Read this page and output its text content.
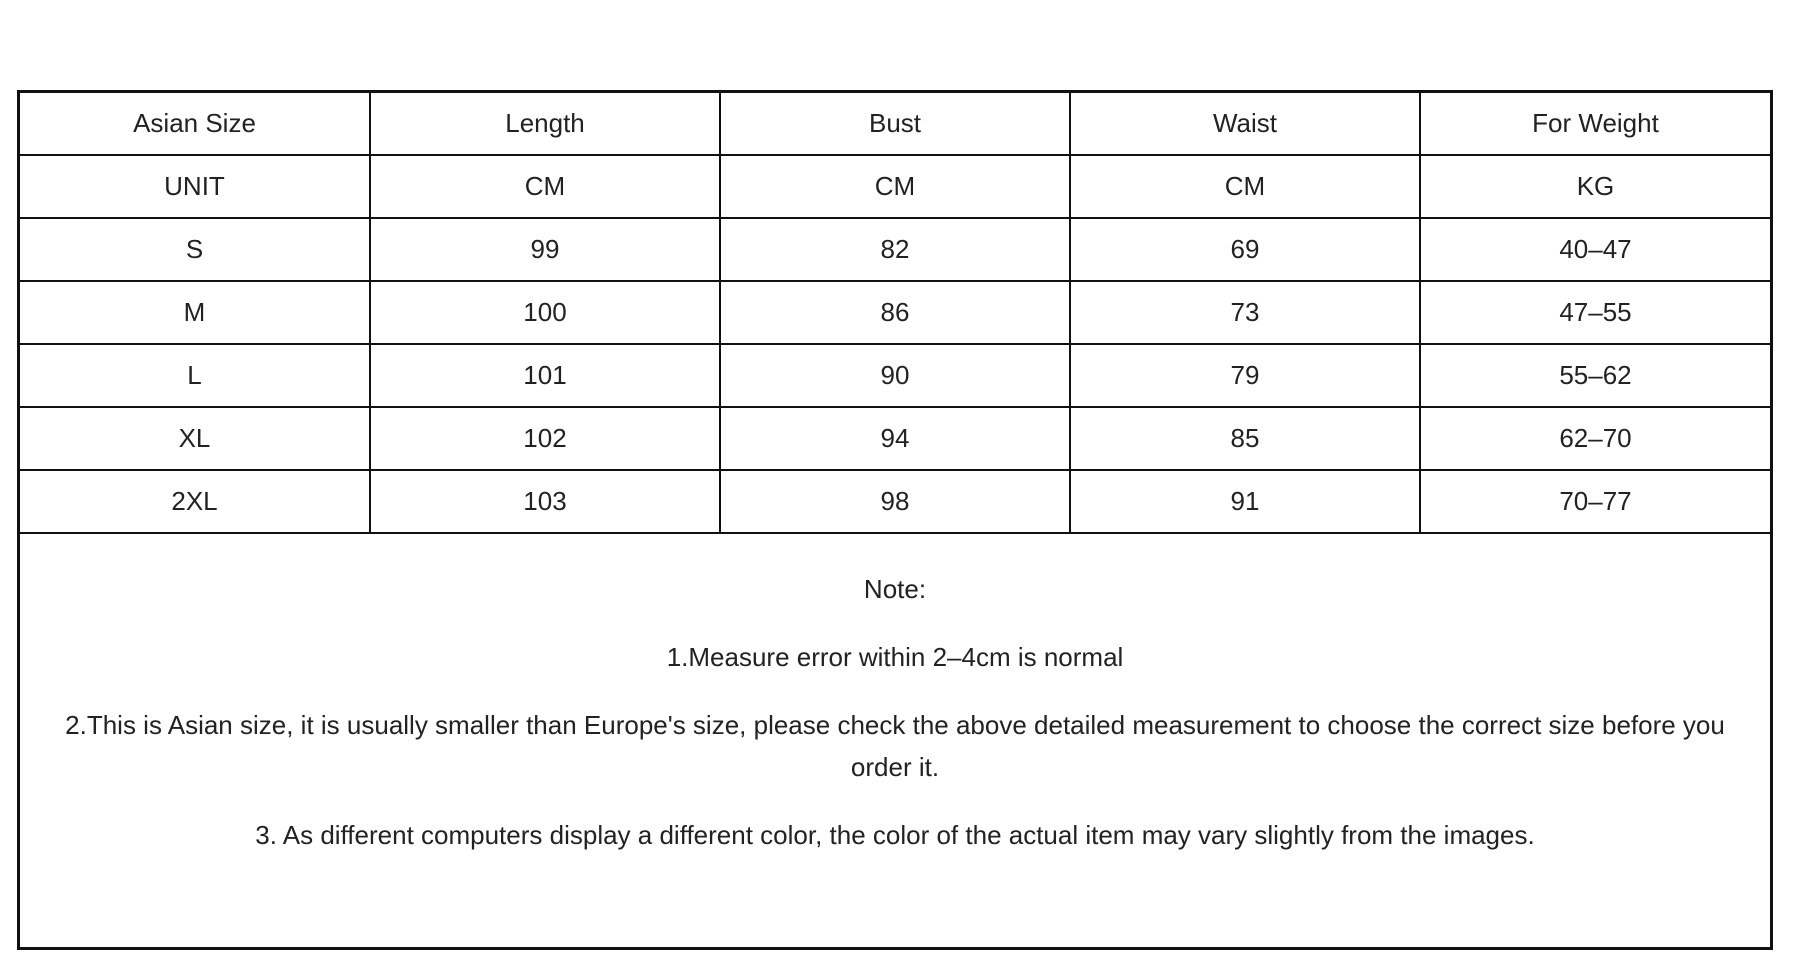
Asian Size	Length	Bust	Waist	For Weight
UNIT	CM	CM	CM	KG
S	99	82	69	40–47
M	100	86	73	47–55
L	101	90	79	55–62
XL	102	94	85	62–70
2XL	103	98	91	70–77

Note:

1.Measure error within 2–4cm is normal

2.This is Asian size, it is usually smaller than Europe's size, please check the above detailed measurement to choose the correct size before you order it.

3. As different computers display a different color, the color of the actual item may vary slightly from the images.
